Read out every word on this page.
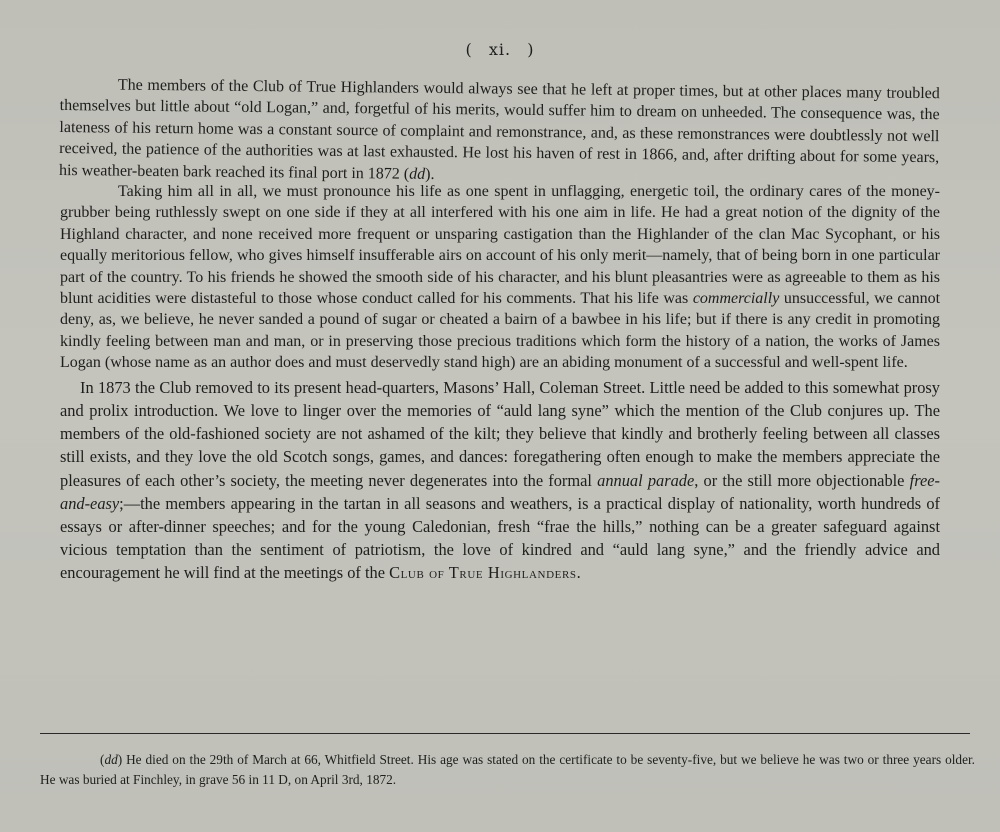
( xi. )

The members of the Club of True Highlanders would always see that he left at proper times, but at other places many troubled themselves but little about “old Logan,” and, forgetful of his merits, would suffer him to dream on unheeded. The consequence was, the lateness of his return home was a constant source of complaint and remonstrance, and, as these remonstrances were doubtlessly not well received, the patience of the authorities was at last exhausted. He lost his haven of rest in 1866, and, after drifting about for some years, his weather-beaten bark reached its final port in 1872 (dd).

Taking him all in all, we must pronounce his life as one spent in unflagging, energetic toil, the ordinary cares of the money-grubber being ruthlessly swept on one side if they at all interfered with his one aim in life. He had a great notion of the dignity of the Highland character, and none received more frequent or unsparing castigation than the Highlander of the clan Mac Sycophant, or his equally meritorious fellow, who gives himself insufferable airs on account of his only merit—namely, that of being born in one particular part of the country. To his friends he showed the smooth side of his character, and his blunt pleasantries were as agreeable to them as his blunt acidities were distasteful to those whose conduct called for his comments. That his life was commercially unsuccessful, we cannot deny, as, we believe, he never sanded a pound of sugar or cheated a bairn of a bawbee in his life; but if there is any credit in promoting kindly feeling between man and man, or in preserving those precious traditions which form the history of a nation, the works of James Logan (whose name as an author does and must deservedly stand high) are an abiding monument of a successful and well-spent life.

In 1873 the Club removed to its present head-quarters, Masons’ Hall, Coleman Street. Little need be added to this somewhat prosy and prolix introduction. We love to linger over the memories of “auld lang syne” which the mention of the Club conjures up. The members of the old-fashioned society are not ashamed of the kilt; they believe that kindly and brotherly feeling between all classes still exists, and they love the old Scotch songs, games, and dances: foregathering often enough to make the members appreciate the pleasures of each other’s society, the meeting never degenerates into the formal annual parade, or the still more objectionable free-and-easy;—the members appearing in the tartan in all seasons and weathers, is a practical display of nationality, worth hundreds of essays or after-dinner speeches; and for the young Caledonian, fresh “frae the hills,” nothing can be a greater safeguard against vicious temptation than the sentiment of patriotism, the love of kindred and “auld lang syne,” and the friendly advice and encouragement he will find at the meetings of the Club of True Highlanders.

(dd) He died on the 29th of March at 66, Whitfield Street. His age was stated on the certificate to be seventy-five, but we believe he was two or three years older. He was buried at Finchley, in grave 56 in 11 D, on April 3rd, 1872.
